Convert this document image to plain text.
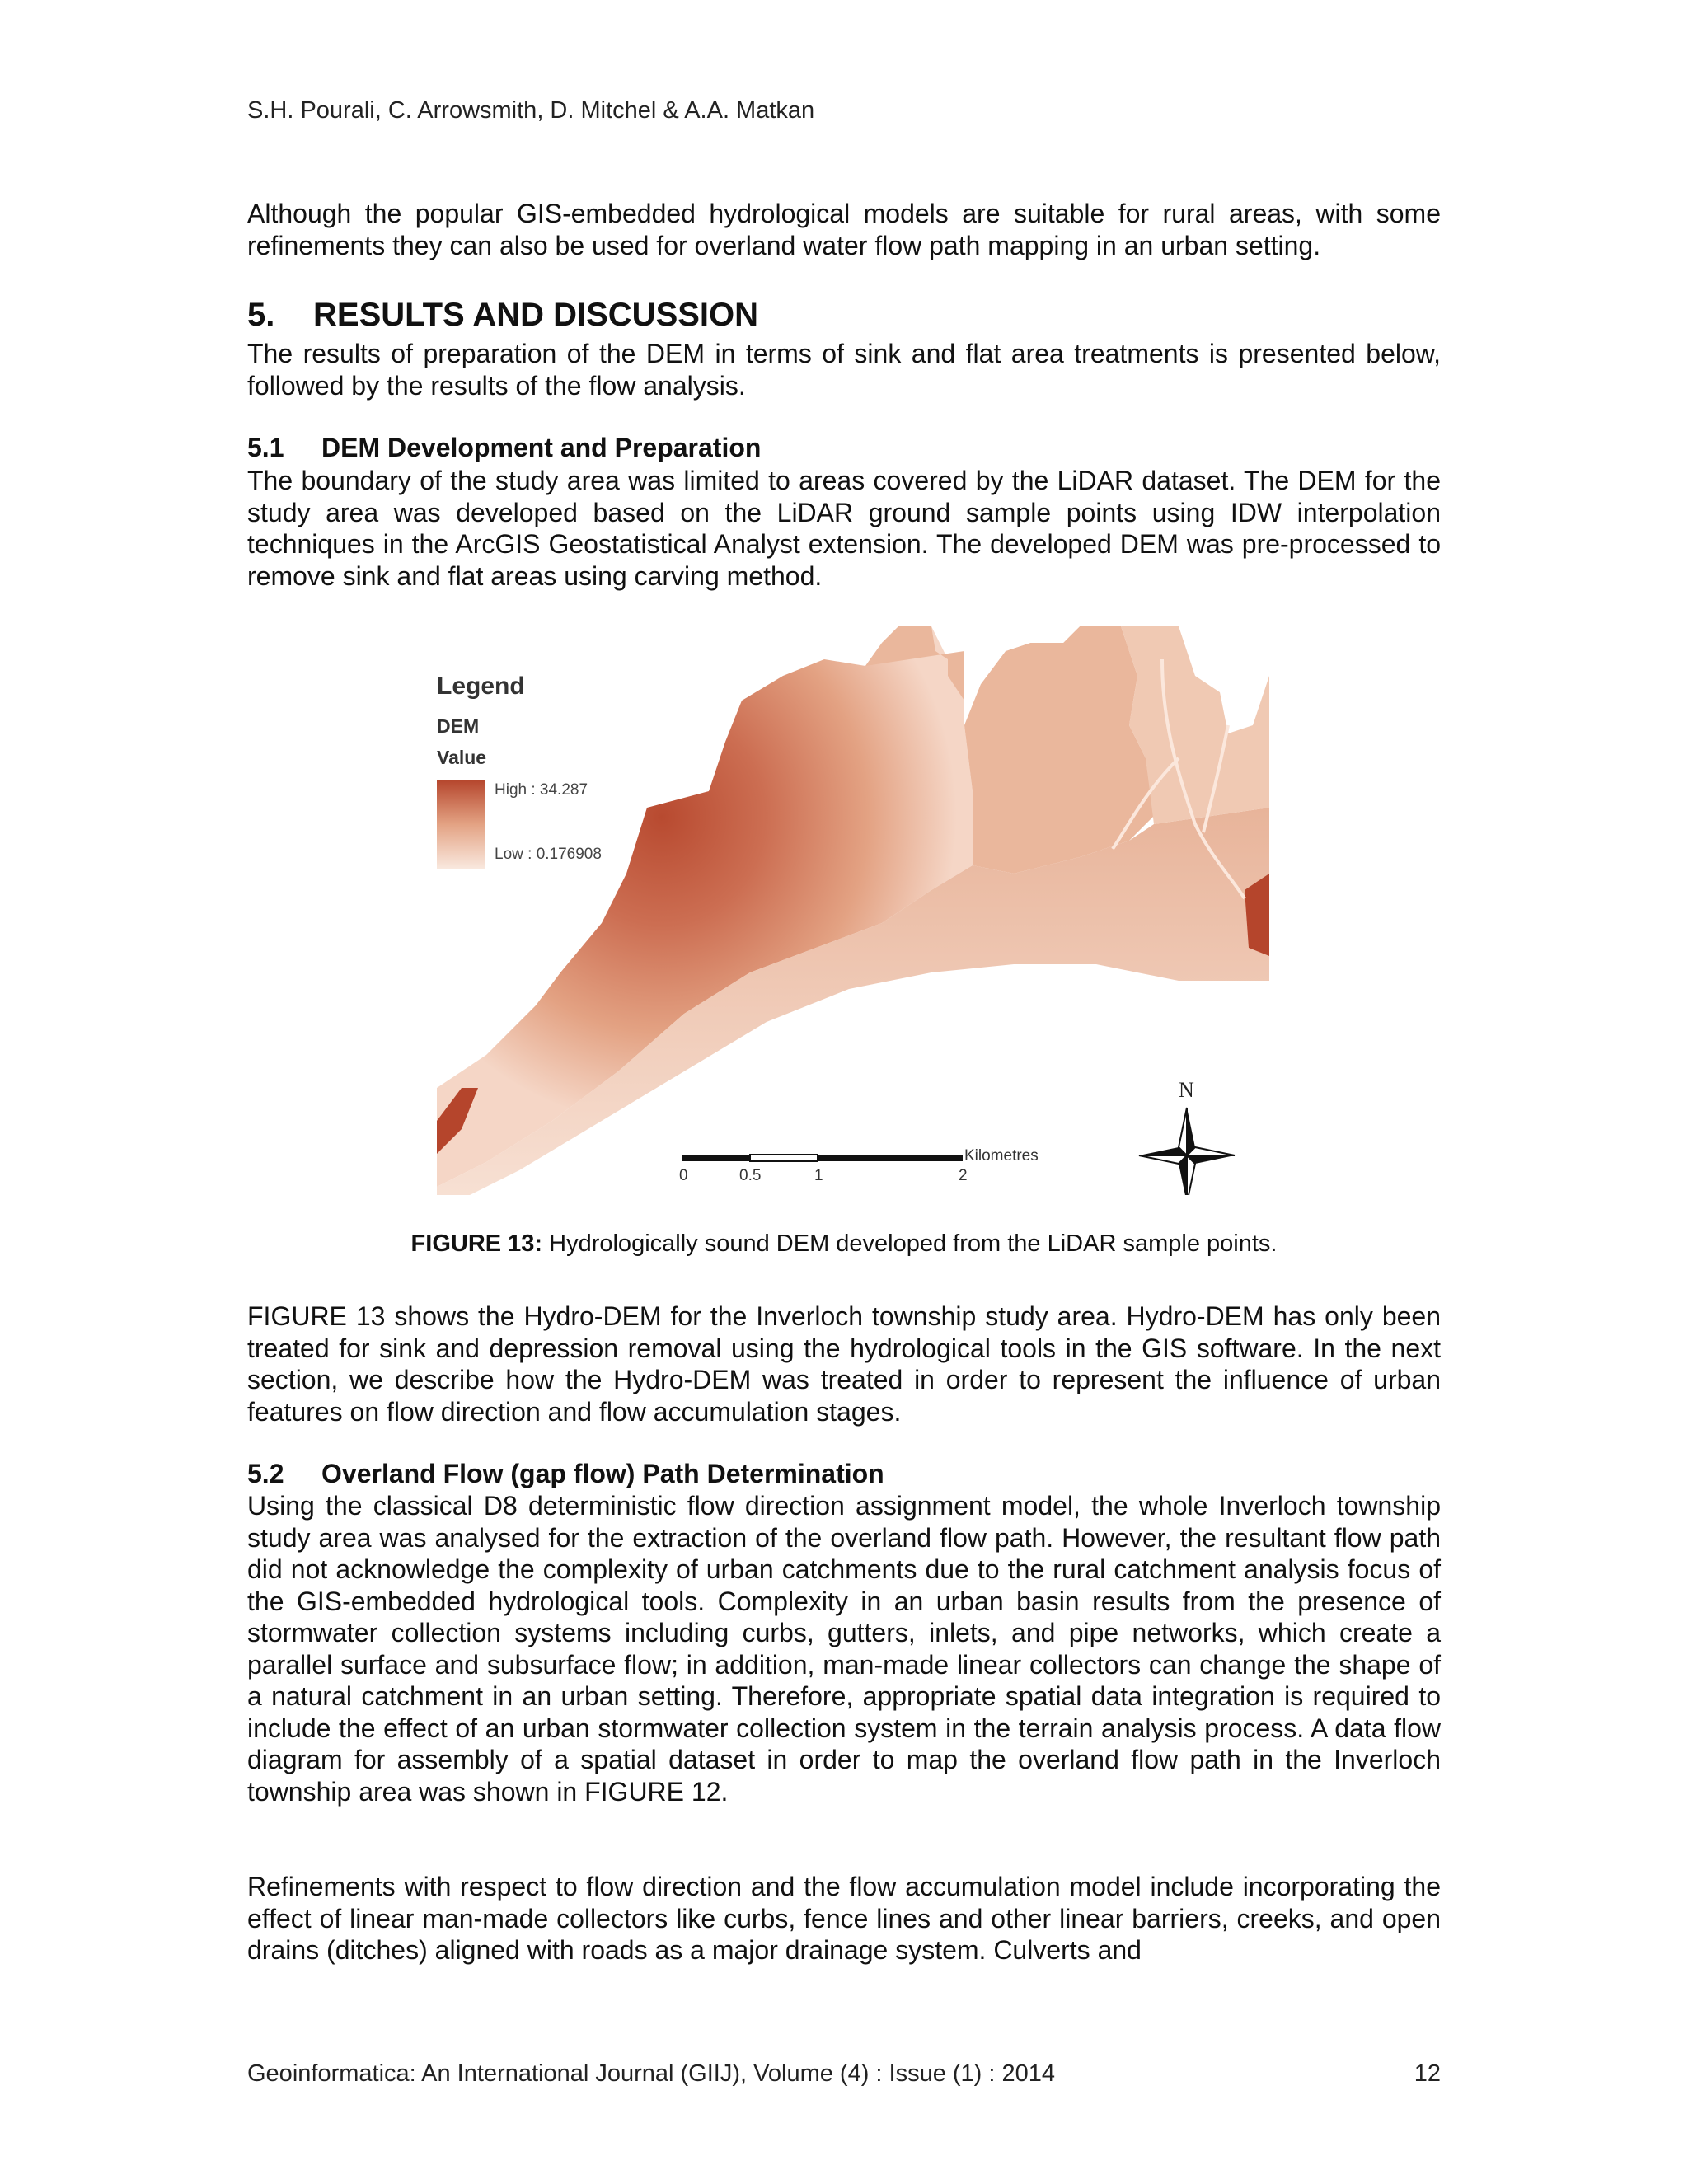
S.H. Pourali, C. Arrowsmith, D. Mitchel & A.A. Matkan

Although the popular GIS-embedded hydrological models are suitable for rural areas, with some refinements they can also be used for overland water flow path mapping in an urban setting.

5. RESULTS AND DISCUSSION

The results of preparation of the DEM in terms of sink and flat area treatments is presented below, followed by the results of the flow analysis.

5.1 DEM Development and Preparation

The boundary of the study area was limited to areas covered by the LiDAR dataset. The DEM for the study area was developed based on the LiDAR ground sample points using IDW interpolation techniques in the ArcGIS Geostatistical Analyst extension. The developed DEM was pre-processed to remove sink and flat areas using carving method.

Legend
DEM
Value
High : 34.287
Low : 0.176908
Kilometres
0	0.5	1	2
N
FIGURE 13: Hydrologically sound DEM developed from the LiDAR sample points.

FIGURE 13 shows the Hydro-DEM for the Inverloch township study area. Hydro-DEM has only been treated for sink and depression removal using the hydrological tools in the GIS software. In the next section, we describe how the Hydro-DEM was treated in order to represent the influence of urban features on flow direction and flow accumulation stages.

5.2 Overland Flow (gap flow) Path Determination

Using the classical D8 deterministic flow direction assignment model, the whole Inverloch township study area was analysed for the extraction of the overland flow path. However, the resultant flow path did not acknowledge the complexity of urban catchments due to the rural catchment analysis focus of the GIS-embedded hydrological tools. Complexity in an urban basin results from the presence of stormwater collection systems including curbs, gutters, inlets, and pipe networks, which create a parallel surface and subsurface flow; in addition, man-made linear collectors can change the shape of a natural catchment in an urban setting. Therefore, appropriate spatial data integration is required to include the effect of an urban stormwater collection system in the terrain analysis process. A data flow diagram for assembly of a spatial dataset in order to map the overland flow path in the Inverloch township area was shown in FIGURE 12.

Refinements with respect to flow direction and the flow accumulation model include incorporating the effect of linear man-made collectors like curbs, fence lines and other linear barriers, creeks, and open drains (ditches) aligned with roads as a major drainage system. Culverts and

Geoinformatica: An International Journal (GIIJ), Volume (4) : Issue (1) : 2014	12
